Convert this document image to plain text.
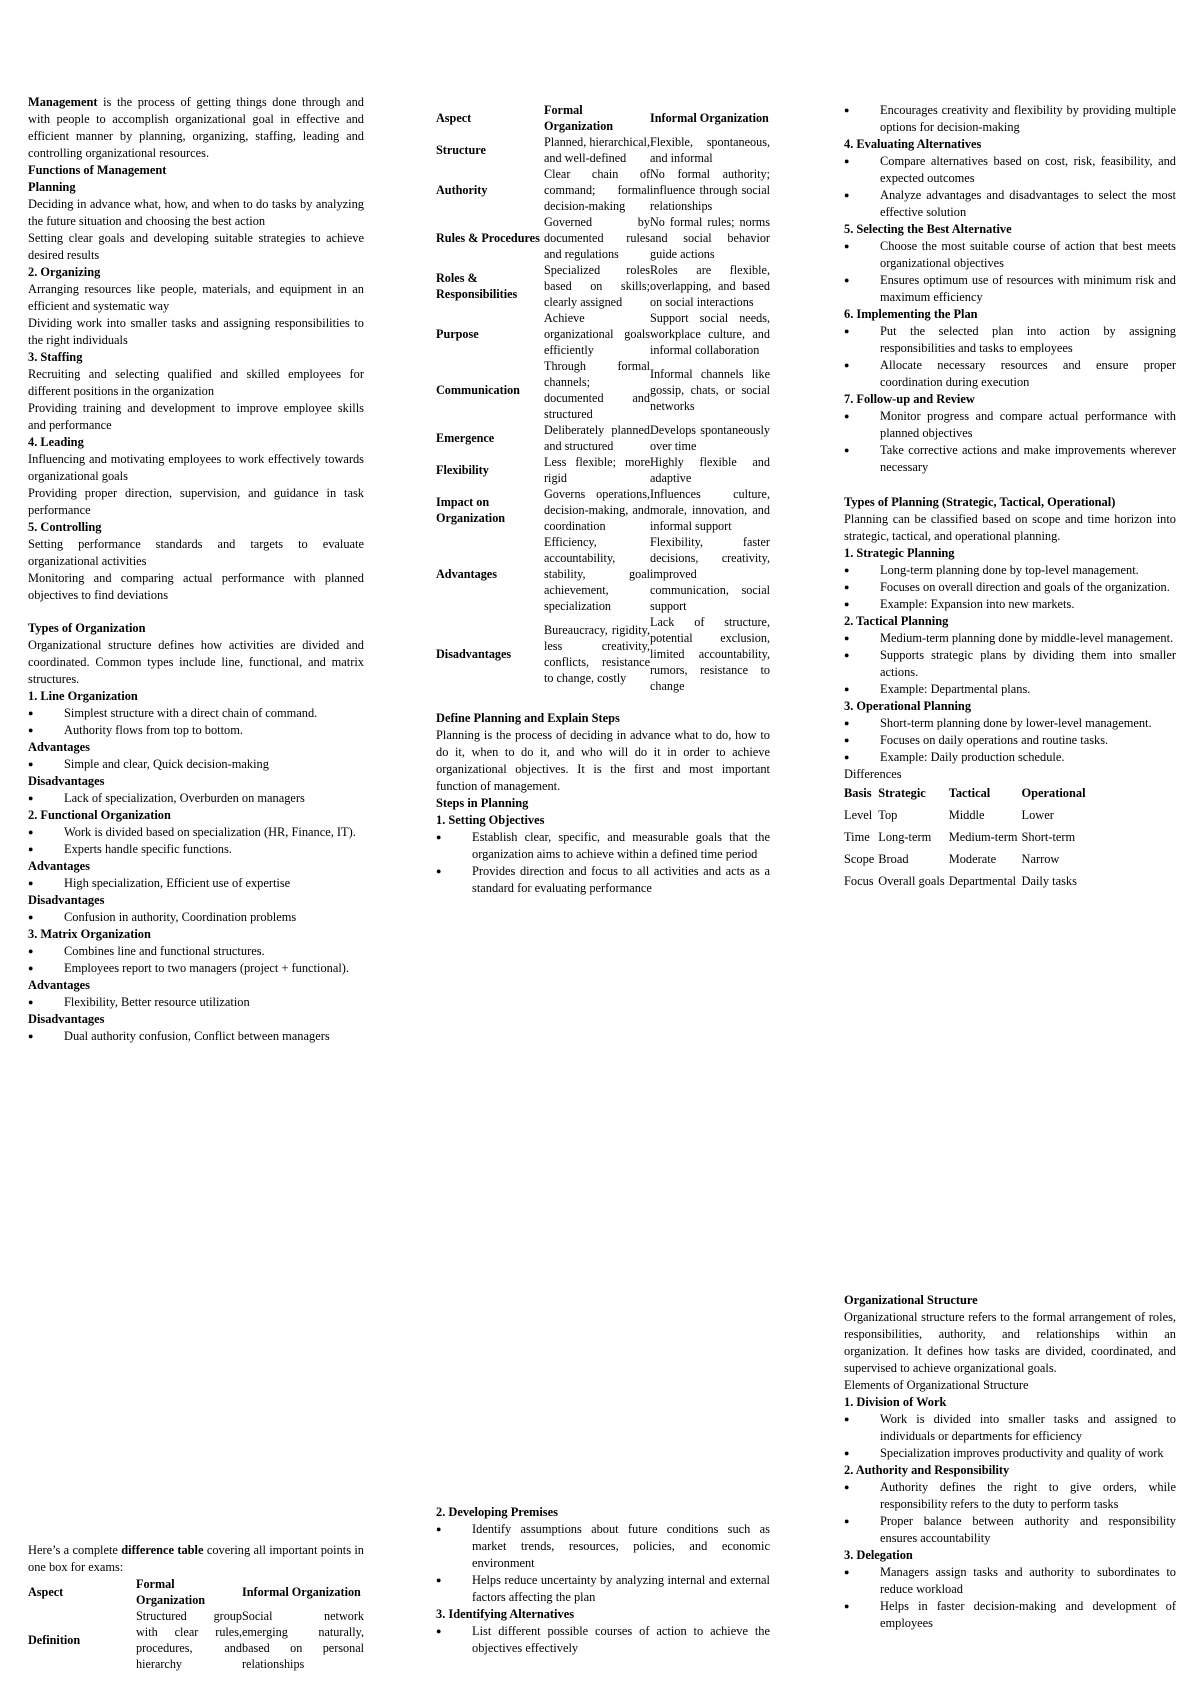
Management is the process of getting things done through and with people to accomplish organizational goal in effective and efficient manner by planning, organizing, staffing, leading and controlling organizational resources.

Functions of Management

Planning

Deciding in advance what, how, and when to do tasks by analyzing the future situation and choosing the best action

Setting clear goals and developing suitable strategies to achieve desired results

2. Organizing

Arranging resources like people, materials, and equipment in an efficient and systematic way

Dividing work into smaller tasks and assigning responsibilities to the right individuals

3. Staffing

Recruiting and selecting qualified and skilled employees for different positions in the organization

Providing training and development to improve employee skills and performance

4. Leading

Influencing and motivating employees to work effectively towards organizational goals

Providing proper direction, supervision, and guidance in task performance

5. Controlling

Setting performance standards and targets to evaluate organizational activities

Monitoring and comparing actual performance with planned objectives to find deviations

Types of Organization

Organizational structure defines how activities are divided and coordinated. Common types include line, functional, and matrix structures.

1. Line Organization

● Simplest structure with a direct chain of command.
● Authority flows from top to bottom.

Advantages

● Simple and clear, Quick decision-making

Disadvantages

● Lack of specialization, Overburden on managers

2. Functional Organization

● Work is divided based on specialization (HR, Finance, IT).
● Experts handle specific functions.

Advantages

● High specialization, Efficient use of expertise

Disadvantages

● Confusion in authority, Coordination problems

3. Matrix Organization

● Combines line and functional structures.
● Employees report to two managers (project + functional).

Advantages

● Flexibility, Better resource utilization

Disadvantages

● Dual authority confusion, Conflict between managers

Here’s a complete difference table covering all important points in one box for exams:

Aspect	Formal Organization	Informal Organization
Definition	Structured group with clear rules, procedures, and hierarchy	Social network emerging naturally, based on personal relationships
Aspect	Formal Organization	Informal Organization
Structure	Planned, hierarchical, and well-defined	Flexible, spontaneous, and informal
Authority	Clear chain of command; formal decision-making	No formal authority; influence through social relationships
Rules & Procedures	Governed by documented rules and regulations	No formal rules; norms and social behavior guide actions
Roles & Responsibilities	Specialized roles based on skills; clearly assigned	Roles are flexible, overlapping, and based on social interactions
Purpose	Achieve organizational goals efficiently	Support social needs, workplace culture, and informal collaboration
Communication	Through formal channels; documented and structured	Informal channels like gossip, chats, or social networks
Emergence	Deliberately planned and structured	Develops spontaneously over time
Flexibility	Less flexible; more rigid	Highly flexible and adaptive
Impact on Organization	Governs operations, decision-making, and coordination	Influences culture, morale, innovation, and informal support
Advantages	Efficiency, accountability, stability, goal achievement, specialization	Flexibility, faster decisions, creativity, improved communication, social support
Disadvantages	Bureaucracy, rigidity, less creativity, conflicts, resistance to change, costly	Lack of structure, potential exclusion, limited accountability, rumors, resistance to change

Define Planning and Explain Steps

Planning is the process of deciding in advance what to do, how to do it, when to do it, and who will do it in order to achieve organizational objectives. It is the first and most important function of management.

Steps in Planning

1. Setting Objectives

● Establish clear, specific, and measurable goals that the organization aims to achieve within a defined time period
● Provides direction and focus to all activities and acts as a standard for evaluating performance

2. Developing Premises

● Identify assumptions about future conditions such as market trends, resources, policies, and economic environment
● Helps reduce uncertainty by analyzing internal and external factors affecting the plan

3. Identifying Alternatives

● List different possible courses of action to achieve the objectives effectively
● Encourages creativity and flexibility by providing multiple options for decision-making

4. Evaluating Alternatives

● Compare alternatives based on cost, risk, feasibility, and expected outcomes
● Analyze advantages and disadvantages to select the most effective solution

5. Selecting the Best Alternative

● Choose the most suitable course of action that best meets organizational objectives
● Ensures optimum use of resources with minimum risk and maximum efficiency

6. Implementing the Plan

● Put the selected plan into action by assigning responsibilities and tasks to employees
● Allocate necessary resources and ensure proper coordination during execution

7. Follow-up and Review

● Monitor progress and compare actual performance with planned objectives
● Take corrective actions and make improvements wherever necessary

Types of Planning (Strategic, Tactical, Operational)

Planning can be classified based on scope and time horizon into strategic, tactical, and operational planning.

1. Strategic Planning

● Long-term planning done by top-level management.
● Focuses on overall direction and goals of the organization.
● Example: Expansion into new markets.

2. Tactical Planning

● Medium-term planning done by middle-level management.
● Supports strategic plans by dividing them into smaller actions.
● Example: Departmental plans.

3. Operational Planning

● Short-term planning done by lower-level management.
● Focuses on daily operations and routine tasks.
● Example: Daily production schedule.

Differences

Basis	Strategic	Tactical	Operational
Level	Top	Middle	Lower
Time	Long-term	Medium-term	Short-term
Scope	Broad	Moderate	Narrow
Focus	Overall goals	Departmental	Daily tasks

Organizational Structure

Organizational structure refers to the formal arrangement of roles, responsibilities, authority, and relationships within an organization. It defines how tasks are divided, coordinated, and supervised to achieve organizational goals.

Elements of Organizational Structure

1. Division of Work

● Work is divided into smaller tasks and assigned to individuals or departments for efficiency
● Specialization improves productivity and quality of work

2. Authority and Responsibility

● Authority defines the right to give orders, while responsibility refers to the duty to perform tasks
● Proper balance between authority and responsibility ensures accountability

3. Delegation

● Managers assign tasks and authority to subordinates to reduce workload
● Helps in faster decision-making and development of employees
